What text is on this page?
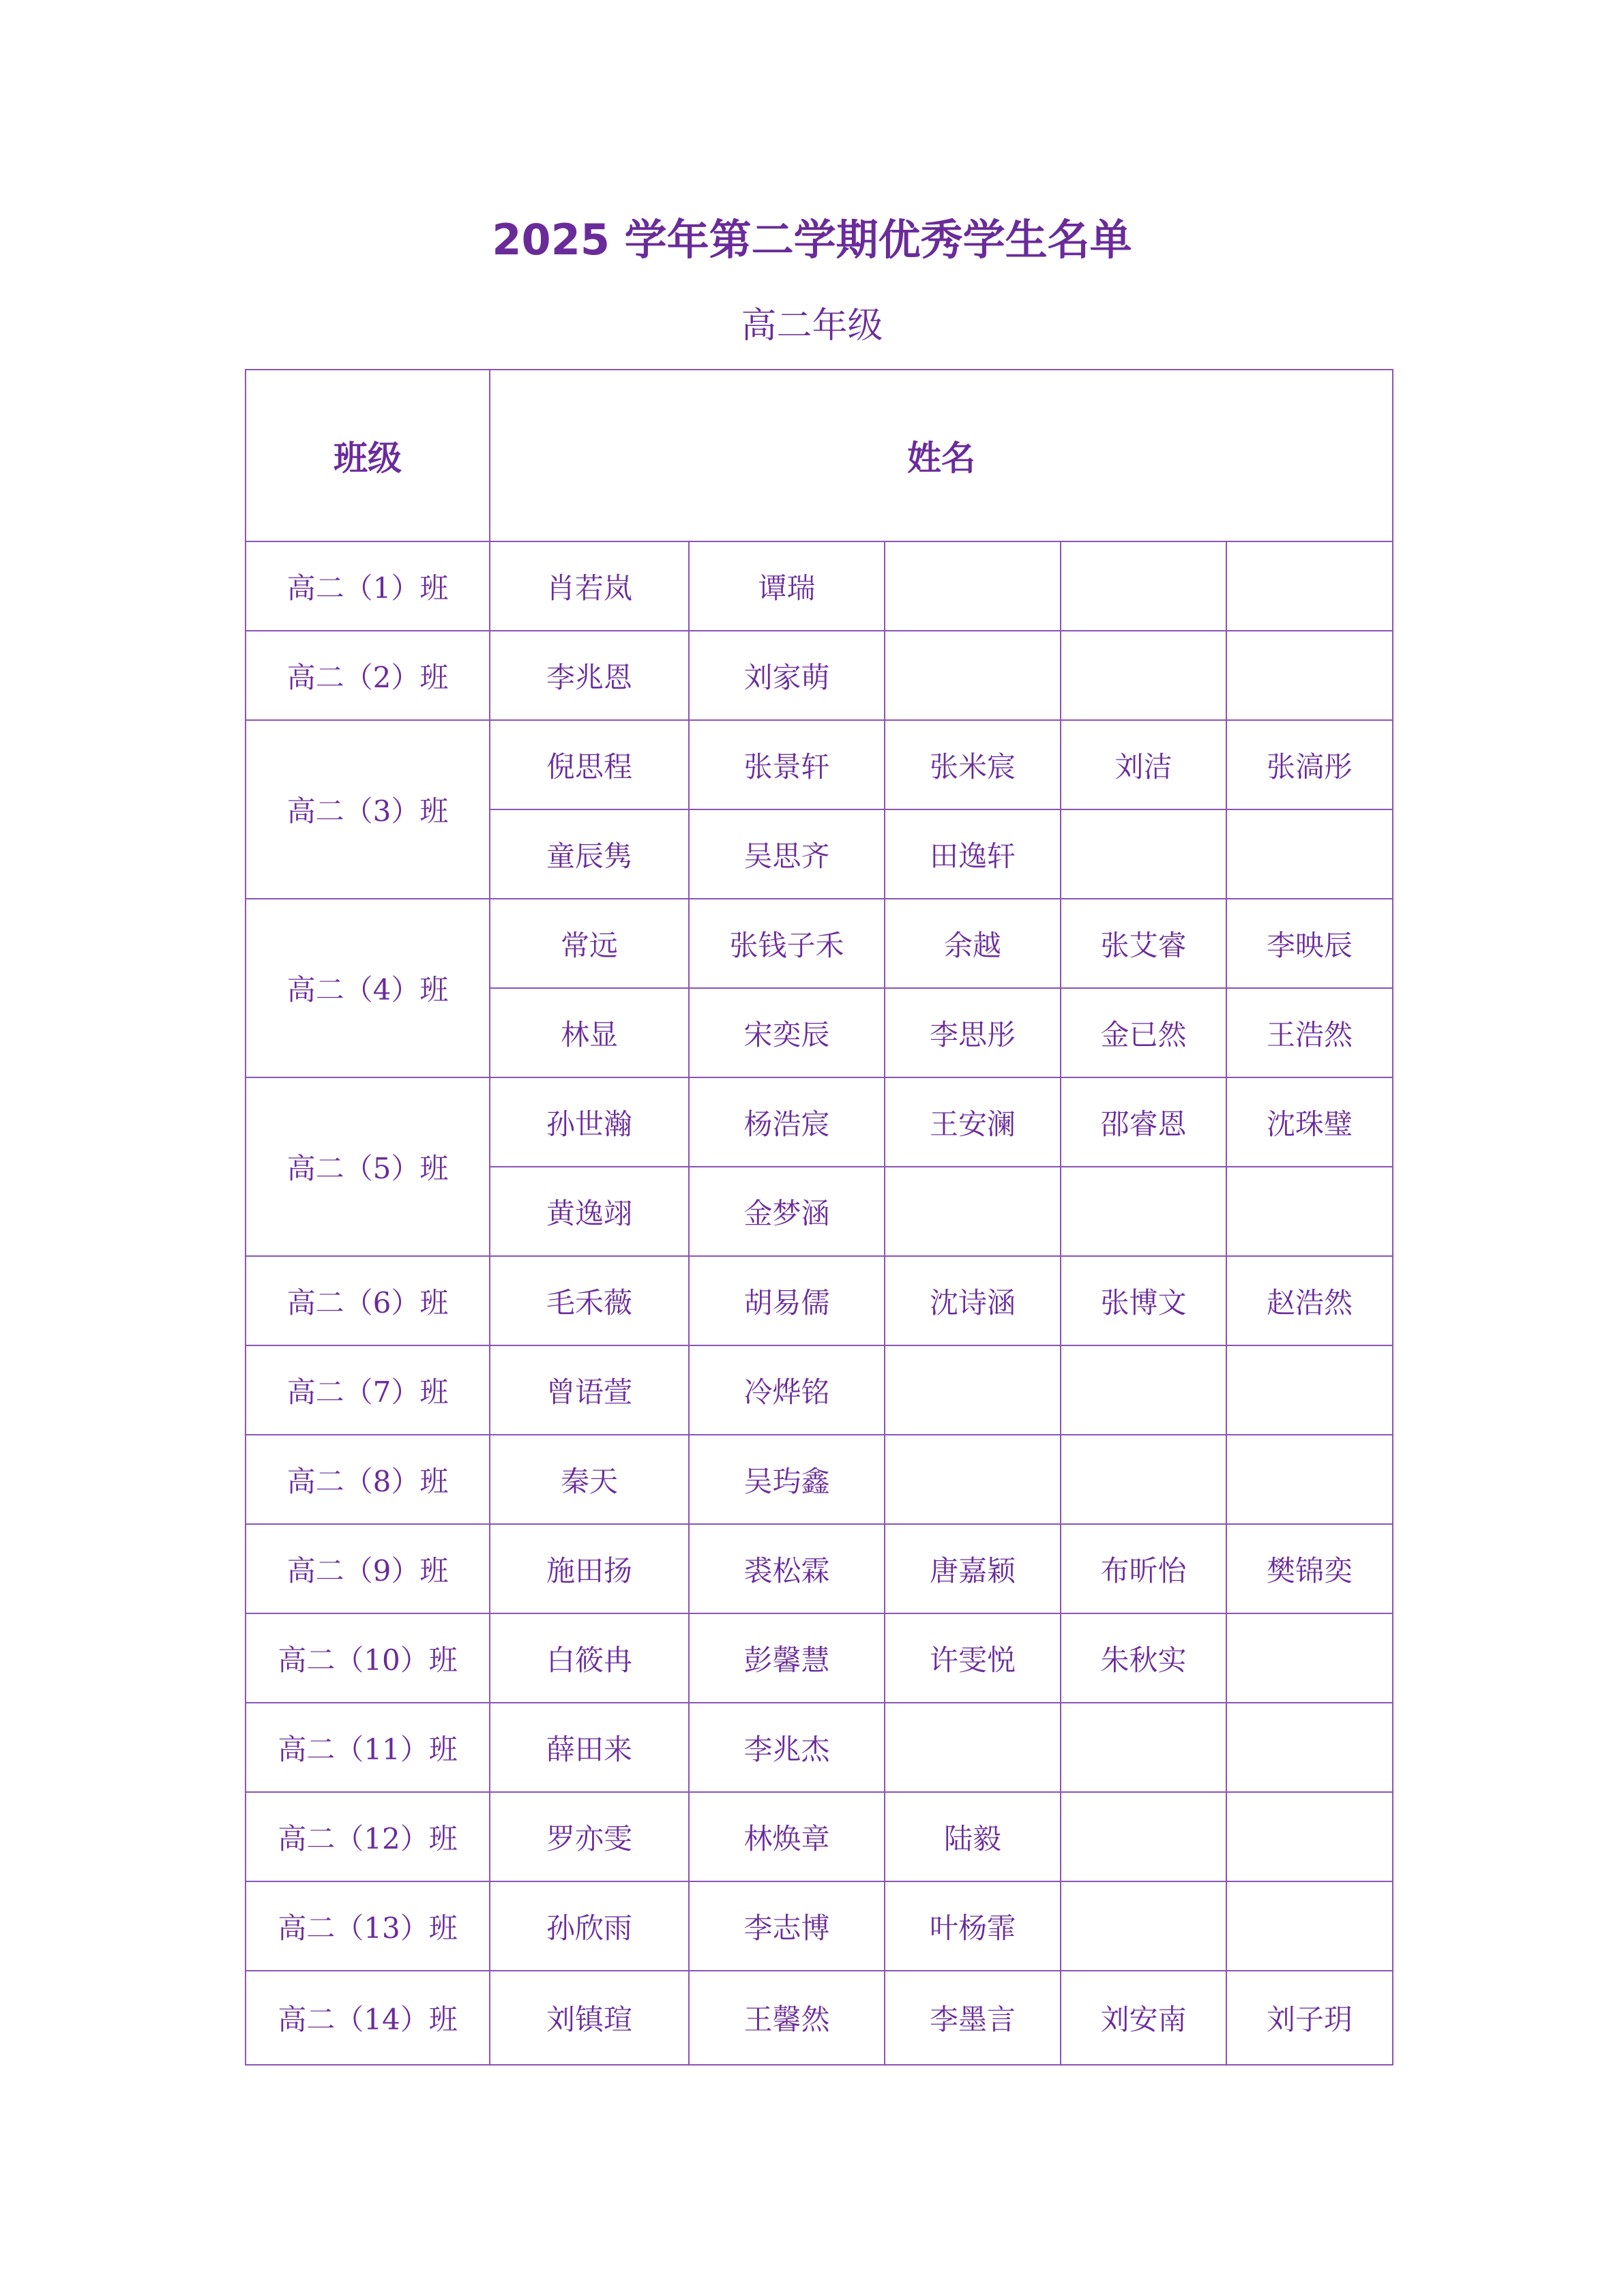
2025 学年第二学期优秀学生名单
高二年级
班级	姓名				
高二（1）班	肖若岚	谭瑞			
高二（2）班	李兆恩	刘家萌			
高二（3）班	倪思程	张景轩	张米宸	刘洁	张滈彤
	童辰隽	吴思齐	田逸轩		
高二（4）班	常远	张钱子禾	余越	张艾睿	李映辰
	林显	宋奕辰	李思彤	金已然	王浩然
高二（5）班	孙世瀚	杨浩宸	王安澜	邵睿恩	沈珠璧
	黄逸翊	金梦涵			
高二（6）班	毛禾薇	胡易儒	沈诗涵	张博文	赵浩然
高二（7）班	曾语萱	冷烨铭			
高二（8）班	秦天	吴玙鑫			
高二（9）班	施田扬	裘松霖	唐嘉颖	布昕怡	樊锦奕
高二（10）班	白筱冉	彭馨慧	许雯悦	朱秋实	
高二（11）班	薛田来	李兆杰			
高二（12）班	罗亦雯	林焕章	陆毅		
高二（13）班	孙欣雨	李志博	叶杨霏		
高二（14）班	刘镇瑄	王馨然	李墨言	刘安南	刘子玥
